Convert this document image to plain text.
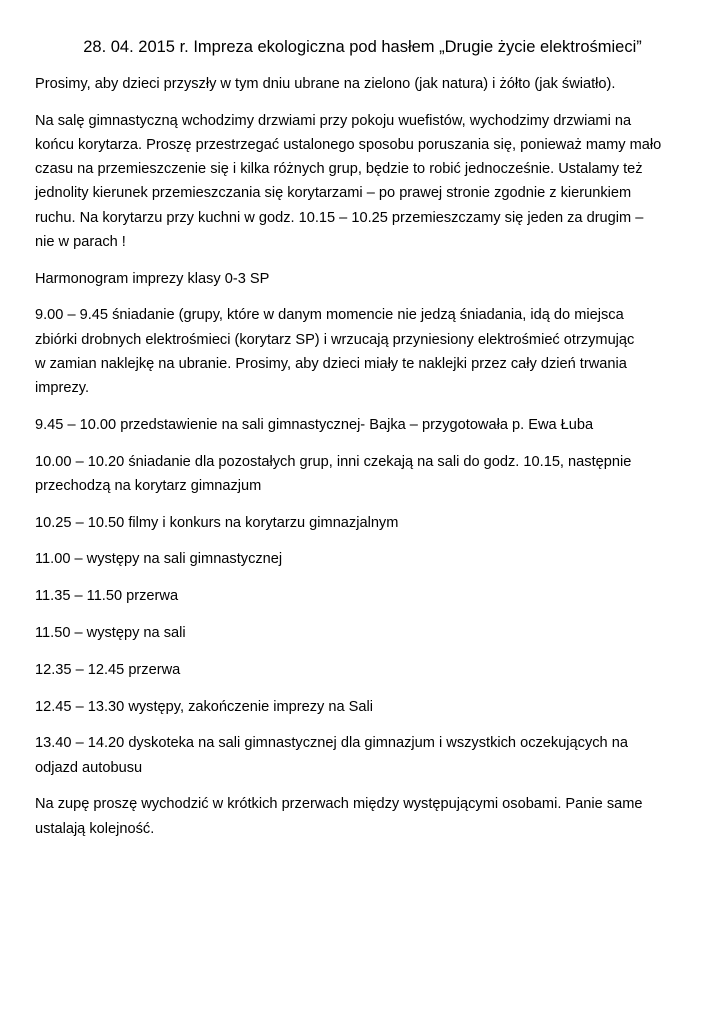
28. 04. 2015 r. Impreza ekologiczna pod hasłem „Drugie życie elektrośmieci”
Prosimy, aby dzieci przyszły w tym dniu ubrane na zielono (jak natura) i żółto (jak światło).
Na salę gimnastyczną wchodzimy drzwiami przy pokoju wuefistów, wychodzimy drzwiami na
końcu korytarza. Proszę przestrzegać ustalonego sposobu poruszania się, ponieważ mamy mało
czasu na przemieszczenie się i kilka różnych grup, będzie to robić jednocześnie. Ustalamy też
jednolity kierunek przemieszczania się korytarzami – po prawej stronie zgodnie z kierunkiem
ruchu. Na korytarzu przy kuchni w godz. 10.15 – 10.25 przemieszczamy się jeden za drugim –
nie w parach !
Harmonogram imprezy klasy 0-3 SP
9.00 – 9.45 śniadanie (grupy, które w danym momencie nie jedzą śniadania, idą do miejsca
zbiórki drobnych elektrośmieci (korytarz SP) i wrzucają przyniesiony elektrośmieć otrzymując
w zamian naklejkę na ubranie. Prosimy, aby dzieci miały te naklejki przez cały dzień trwania
imprezy.
9.45 – 10.00 przedstawienie na sali gimnastycznej- Bajka – przygotowała p. Ewa Łuba
10.00 – 10.20 śniadanie dla pozostałych grup, inni czekają na sali do godz. 10.15, następnie
przechodzą na korytarz gimnazjum
10.25 – 10.50 filmy i konkurs na korytarzu gimnazjalnym
11.00 – występy na sali gimnastycznej
11.35 – 11.50 przerwa
11.50 – występy na sali
12.35 – 12.45 przerwa
12.45 – 13.30 występy, zakończenie imprezy na Sali
13.40 – 14.20 dyskoteka na sali gimnastycznej dla gimnazjum i wszystkich oczekujących na
odjazd autobusu
Na zupę proszę wychodzić w krótkich przerwach między występującymi osobami. Panie same
ustalają kolejność.
